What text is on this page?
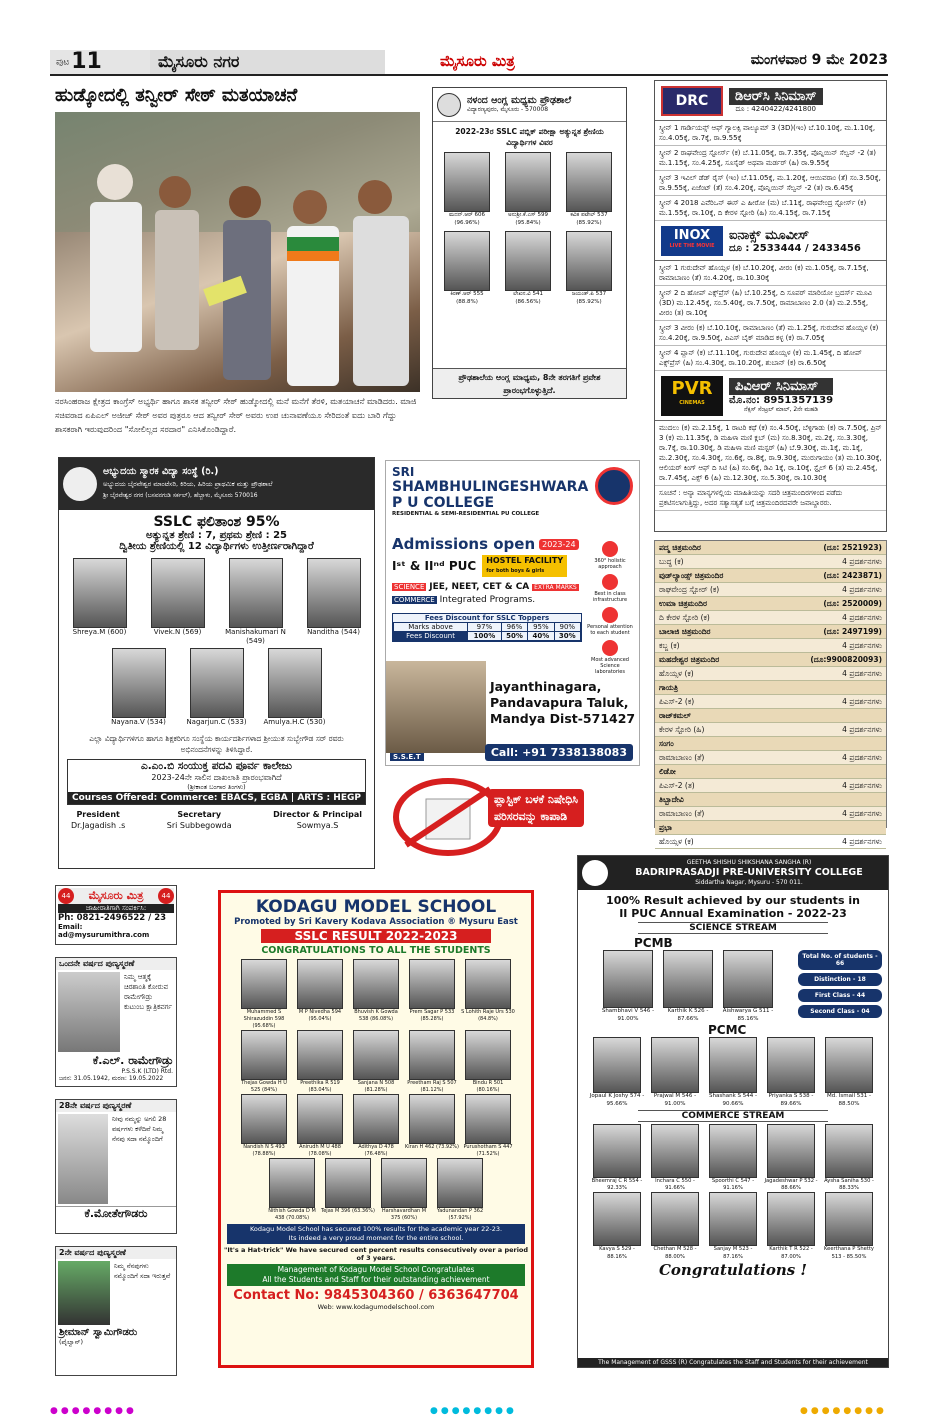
ಪುಟ11	ಮೈಸೂರು ನಗರ	ಮೈಸೂರು ಮಿತ್ರ	ಮಂಗಳವಾರ 9 ಮೇ 2023
ಹುಡ್ಕೋದಲ್ಲಿ ತನ್ವೀರ್ ಸೇಠ್ ಮತಯಾಚನೆ
ನರಸಿಂಹರಾಜ ಕ್ಷೇತ್ರದ ಕಾಂಗ್ರೆಸ್ ಅಭ್ಯರ್ಥಿ ಹಾಗೂ ಶಾಸಕ ತನ್ವೀರ್ ಸೇಠ್ ಹುಡ್ಕೋದಲ್ಲಿ ಮನೆ ಮನೆಗೆ ತೆರಳಿ, ಮತಯಾಚನೆ ಮಾಡಿದರು. ಮಾಜಿ ಸಚಿವರಾದ ಏಪಿಎಲ್ ಅಜೀಜ್ ಸೇಠ್ ಅವರ ಪುತ್ರರೂ ಆದ ತನ್ವೀರ್ ಸೇಠ್ ಅವರು ಉಪ ಚುನಾವಣೆಯೂ ಸೇರಿದಂತೆ ಐದು ಬಾರಿ ಗೆದ್ದು ಶಾಸಕರಾಗಿ ಇರುವುದರಿಂದ "ಸೋಲಿಲ್ಲದ ಸರದಾರ" ಎನಿಸಿಕೊಂಡಿದ್ದಾರೆ.
ನಳಂದ ಆಂಗ್ಲ ಮಧ್ಯಮ ಪ್ರೌಢಶಾಲೆ
ವಿದ್ಯಾರಣ್ಯಪುರಂ, ಮೈಸೂರು - 570008
2022-23ರ SSLC ಪಬ್ಲಿಕ್ ಪರೀಕ್ಷಾ ಅತ್ಯುನ್ನತ ಶ್ರೇಣಿಯ ವಿದ್ಯಾರ್ಥಿಗಳ ವಿವರ
ಮದನ್.ಆರ್ 606 (96.96%)
ಅನುಶ್ರೀ.ಕೆ.ಎಸ್ 599 (95.84%)
ಕವಿತ ಪಟೇಲ್ 537 (85.92%)
ಕಿರಣ್.ಆರ್ 555 (88.8%)
ಲೇಖನ.ವಿ 541 (86.56%)
ಜಯಂತ್.ಪಿ 537 (85.92%)
ಪ್ರೌಢಶಾಲೆಯ ಆಂಗ್ಲ ಮಾಧ್ಯಮ, 8ನೇ ತರಗತಿಗೆ ಪ್ರವೇಶ ಪ್ರಾರಂಭಗೊಳ್ಳುತ್ತಿದೆ.
DRC	ಡಿಆರ್‌ಸಿ ಸಿನಿಮಾಸ್
ದೂ : 4240422/4241800
ಸ್ಕ್ರೀನ್ 1 ಗಾರ್ಡಿಯನ್ಸ್ ಆಫ್ ಗ್ಯಾಲಕ್ಸಿ ವಾಲ್ಯೂಮ್ 3 (3D)(ಇಂ) ಬೆ.10.10ಕ್ಕೆ, ಮ.1.10ಕ್ಕೆ, ಸಂ.4.05ಕ್ಕೆ, ರಾ.7ಕ್ಕೆ, ರಾ.9.55ಕ್ಕೆ
ಸ್ಕ್ರೀನ್ 2 ರಾಘವೇಂದ್ರ ಸ್ಟೋರ್ಸ್ (ಕ) ಬೆ.11.05ಕ್ಕೆ, ರಾ.7.35ಕ್ಕೆ, ಪೊನ್ನಿಯಿನ್ ಸೆಲ್ವನ್ -2 (ತ) ಮ.1.15ಕ್ಕೆ, ಸಂ.4.25ಕ್ಕೆ, ಸೂಸೈಡ್ ಅಥವಾ ಮರ್ಡರ್ (ಹಿ) ರಾ.9.55ಕ್ಕೆ
ಸ್ಕ್ರೀನ್ 3 ಇವಿಲ್ ಡೆಡ್ ರೈಸ್ (ಇಂ) ಬೆ.11.05ಕ್ಕೆ, ಮ.1.20ಕ್ಕೆ, ಆಯಿವರಾಂ (ತೆ) ಸಂ.3.50ಕ್ಕೆ, ರಾ.9.55ಕ್ಕೆ, ಏಜೆಂಟ್ (ತೆ) ಸಂ.4.20ಕ್ಕೆ, ಪೊನ್ನಿಯಿನ್ ಸೆಲ್ವನ್ -2 (ತ) ರಾ.6.45ಕ್ಕೆ
ಸ್ಕ್ರೀನ್ 4 2018 ಎವೆರಿಒನ್ ಈಸ್ ಎ ಹೀರೋ (ಮ) ಬೆ.11ಕ್ಕೆ, ರಾಘವೇಂದ್ರ ಸ್ಟೋರ್ಸ್ (ಕ) ಮ.1.55ಕ್ಕೆ, ರಾ.10ಕ್ಕೆ, ದಿ ಕೇರಳ ಸ್ಟೋರಿ (ಹಿ) ಸಂ.4.15ಕ್ಕೆ, ರಾ.7.15ಕ್ಕೆ
INOX
LIVE THE MOVIE
ಐನಾಕ್ಸ್ ಮೂವೀಸ್
ದೂ : 2533444 / 2433456
ಸ್ಕ್ರೀನ್ 1 ಗುರುದೇವ್ ಹೊಯ್ಸಳ (ಕ) ಬೆ.10.20ಕ್ಕೆ, ವೀರಂ (ಕ) ಮ.1.05ಕ್ಕೆ, ರಾ.7.15ಕ್ಕೆ, ರಾಮಾಬಾಣಂ (ತೆ) ಸಂ.4.20ಕ್ಕೆ, ರಾ.10.30ಕ್ಕೆ
ಸ್ಕ್ರೀನ್ 2 ದಿ ಹೋಪ್ ಎಕ್ಸ್‌ಪ್ರೆಸ್ (ಹಿ) ಬೆ.10.25ಕ್ಕೆ, ದಿ ಸೂಪರ್ ಮಾರಿಯೋ ಬ್ರದರ್ಸ್ ಮೂವಿ (3D) ಮ.12.45ಕ್ಕೆ, ಸಂ.5.40ಕ್ಕೆ, ರಾ.7.50ಕ್ಕೆ, ರಾಮಾಬಾಣಂ 2.0 (ತ) ಮ.2.55ಕ್ಕೆ, ವೀರಂ (ತ) ರಾ.10ಕ್ಕೆ
ಸ್ಕ್ರೀನ್ 3 ವೀರಂ (ಕ) ಬೆ.10.10ಕ್ಕೆ, ರಾಮಾಬಾಣಂ (ತೆ) ಮ.1.25ಕ್ಕೆ, ಗುರುದೇವ ಹೊಯ್ಸಳ (ಕ) ಸಂ.4.20ಕ್ಕೆ, ರಾ.9.50ಕ್ಕೆ, ಪಿಎಸ್ ಬೈಕ್ ಮಾಡಿದ ಕಳ್ಳ (ಕ) ರಾ.7.05ಕ್ಕೆ
ಸ್ಕ್ರೀನ್ 4 ಪ್ಲಾನ್ (ಕ) ಬೆ.11.10ಕ್ಕೆ, ಗುರುದೇವ ಹೊಯ್ಸಳ (ಕ) ಮ.1.45ಕ್ಕೆ, ದಿ ಹೋಪ್ ಎಕ್ಸ್‌ಪ್ರೆಸ್ (ಹಿ) ಸಂ.4.30ಕ್ಕೆ, ರಾ.10.20ಕ್ಕೆ, ಶುಬಾನ್ (ಕ) ರಾ.6.50ಕ್ಕೆ
PVR
CINEMAS
ಪಿವಿಆರ್ ಸಿನಿಮಾಸ್
ಮೊ.ನಂ: 8951357139
ನೆಕ್ಸಸ್ ಸೆಂಟ್ರಲ್ ಮಾಲ್, 2ನೇ ಮಹಡಿ
ಮುದಲು (ಕ) ಮ.2.15ಕ್ಕೆ, 1 ರಾಟರಿ ಕಥೆ (ಕ) ಸಂ.4.50ಕ್ಕೆ, ಬೆಳ್ಳಿಗಾಡು (ಕ) ರಾ.7.50ಕ್ಕೆ, ಪ್ರಿನ್ 3 (ಕ) ಮ.11.35ಕ್ಕೆ, ಡಿ ಮಹಿಳಾ ಮಣಿ ಕ್ಲಬ್ (ಮ) ಸಂ.8.30ಕ್ಕೆ, ಮ.2ಕ್ಕೆ, ಸಂ.3.30ಕ್ಕೆ, ರಾ.7ಕ್ಕೆ, ರಾ.10.30ಕ್ಕೆ, ಡಿ ಮಹಿಳಾ ಮಣಿ ಮಸ್ಟರ್ (ಹಿ) ಬೆ.9.30ಕ್ಕೆ, ಮ.1ಕ್ಕೆ, ಮ.1ಕ್ಕೆ, ಮ.2.30ಕ್ಕೆ, ಸಂ.4.30ಕ್ಕೆ, ಸಂ.6ಕ್ಕೆ, ರಾ.8ಕ್ಕೆ, ರಾ.9.30ಕ್ಕೆ, ಮುರುಗಾಯಂ (ತ) ಮ.10.30ಕ್ಕೆ, ಆಲಿಯರ್ ಕಿಂಗ್ ಆಫ್ ದಿ ಸಿಟಿ (ಹಿ) ಸಂ.6ಕ್ಕೆ, ಡಿವಿ 1ಕ್ಕೆ, ರಾ.10ಕ್ಕೆ, ಸ್ಟೈಲ್ 6 (ತ) ಮ.2.45ಕ್ಕೆ, ರಾ.7.45ಕ್ಕೆ, ಎಕ್ಸ್ 6 (ಹಿ) ಮ.12.30ಕ್ಕೆ, ಸಂ.5.30ಕ್ಕೆ, ರಾ.10.30ಕ್ಕೆ
ಸೂಚನೆ : ಅನ್ಯಾ ಮಾನ್ಯಗಳಲ್ಲಿಯ ಮಾಹಿತಿಯನ್ನು ಸದರಿ ಚಿತ್ರಮಂದಿರಗಳಿಂದ ಪಡೆದು ಪ್ರಕಟಿಸಲಾಗುತ್ತಿದ್ದು, ಅದರ ಸತ್ಯಾಸತ್ಯತೆ ಬಗ್ಗೆ ಚಿತ್ರಮಂದಿರದವರೇ ಜವಾಬ್ದಾರರು.
ಪದ್ಮ ಚಿತ್ರಮಂದಿರ	(ದೂ: 2521923)
ಬುದ್ಧ (ಕ)	4 ಪ್ರದರ್ಶನಗಳು
ವುಡ್‌ಲ್ಯಾಂಡ್ಸ್ ಚಿತ್ರಮಂದಿರ	(ದೂ: 2423871)
ರಾಘವೇಂದ್ರ ಸ್ಟೋರ್ (ಕ)	4 ಪ್ರದರ್ಶನಗಳು
ಉಮಾ ಚಿತ್ರಮಂದಿರ	(ದೂ: 2520009)
ದಿ ಕೇರಳ ಸ್ಟೋರಿ (ಕ)	4 ಪ್ರದರ್ಶನಗಳು
ಬಾಲಾಜಿ ಚಿತ್ರಮಂದಿರ	(ದೂ: 2497199)
ಕಬ್ಜ (ಕ)	4 ಪ್ರದರ್ಶನಗಳು
ಮಹದೇಶ್ವರ ಚಿತ್ರಮಂದಿರ	(ದೂ:9900820093)
ಹೊಯ್ಸಳ (ಕ)	4 ಪ್ರದರ್ಶನಗಳು
ಗಾಯತ್ರಿ
ಪಿಎಸ್-2 (ಕ)	4 ಪ್ರದರ್ಶನಗಳು
ರಾಜ್‌ಕಮಲ್
ಕೇರಳ ಸ್ಟೋರಿ (ಹಿ)	4 ಪ್ರದರ್ಶನಗಳು
ಸಂಗಂ
ರಾಮಾಬಾಣಂ (ತೆ)	4 ಪ್ರದರ್ಶನಗಳು
ಲಿಡೋ
ಪಿಎಸ್-2 (ತ)	4 ಪ್ರದರ್ಶನಗಳು
ತಿಬ್ಬಾದೇವಿ
ರಾಮಾಬಾಣಂ (ತೆ)	4 ಪ್ರದರ್ಶನಗಳು
ಪ್ರಭಾ
ಹೊಯ್ಸಳ (ಕ)	4 ಪ್ರದರ್ಶನಗಳು
ಅಭ್ಯುದಯ ಸ್ಮಾರಕ ವಿದ್ಯಾ ಸಂಸ್ಥೆ (ರಿ.)
ಅಭ್ಯುದಯ ಬೈರವೇಶ್ವರ ಮಾಂಟೆಸರಿ, ಕಿರಿಯ, ಹಿರಿಯ ಪ್ರಾಥಮಿಕ ಮತ್ತು ಪ್ರೌಢಶಾಲೆ
ಶ್ರೀ ಬೈರವೇಶ್ವರ ನಗರ (ಬಸವನಗುಡಿ ಸರ್ಕಲ್), ಹೆಬ್ಬಾಳು, ಮೈಸೂರು 570016
SSLC ಫಲಿತಾಂಶ 95%
ಅತ್ಯುನ್ನತ ಶ್ರೇಣಿ : 7, ಪ್ರಥಮ ಶ್ರೇಣಿ : 25
ದ್ವಿತೀಯ ಶ್ರೇಣಿಯಲ್ಲಿ 12 ವಿದ್ಯಾರ್ಥಿಗಳು ಉತ್ತೀರ್ಣರಾಗಿದ್ದಾರೆ
Shreya.M (600)	Vivek.N (569)	Manishakumari N (549)
Nanditha (544)
Nayana.V (534)	Nagarjun.C (533) Amulya.H.C (530)
ಎಲ್ಲಾ ವಿದ್ಯಾರ್ಥಿಗಳಿಗೂ ಹಾಗೂ ಶಿಕ್ಷಕರಿಗೂ ಸಂಸ್ಥೆಯ ಕಾರ್ಯದರ್ಶಿಗಳಾದ ಶ್ರೀಯುತ ಸುಬ್ಬೇಗೌಡ ಸರ್ ರವರು ಅಭಿನಂದನೆಗಳನ್ನು ತಿಳಿಸಿದ್ದಾರೆ.
ಎ.ಎಂ.ಬಿ ಸಂಯುಕ್ತ ಪದವಿ ಪೂರ್ವ ಕಾಲೇಜು
2023-24ನೇ ಸಾಲಿನ ದಾಖಲಾತಿ ಪ್ರಾರಂಭವಾಗಿದೆ
(ಶ್ರೀಕಾಂತ ಬಂಗಾರ ತಿಂಗಳು)
Courses Offered: Commerce: EBACS, EGBA | ARTS : HEGP
President
Dr.Jagadish .s
Secretary
Sri Subbegowda
Director & Principal
Sowmya.S
SRI
SHAMBHULINGESHWARA
P U COLLEGE
RESIDENTIAL & SEMI-RESIDENTIAL PU COLLEGE
Admissions open 2023-24
Iˢᵗ & IIⁿᵈ PUC	HOSTEL FACILITY
for both boys & girls
SCIENCE JEE, NEET, CET & CA EXTRA MARKS
COMMERCE Integrated Programs.
Fees Discount for SSLC Toppers
Marks above	97%	96%	95%	90%
Fees Discount	100%	50%	40%	30%
360° holistic approach
Best in class infrastructure
Personal attention to each student
Most advanced Science laboratories
S.S.E.T
Jayanthinagara,
Pandavapura Taluk,
Mandya Dist-571427
Call: +91 7338138083
ಪ್ಲಾಸ್ಟಿಕ್ ಬಳಕೆ ನಿಷೇಧಿಸಿ
ಪರಿಸರವನ್ನು ಕಾಪಾಡಿ
44	ಮೈಸೂರು ಮಿತ್ರ	44
ಜಾಹೀರಾತಿಗಾಗಿ ಸಂಪರ್ಕಿಸಿ:
Ph: 0821-2496522 / 23
Email: ad@mysurumithra.com
ಒಂದನೇ ವರ್ಷದ ಪುಣ್ಯಸ್ಮರಣೆ
ನಿಮ್ಮ ಆತ್ಮಕ್ಕೆ ಚಿರಶಾಂತಿ ಕೋರುವ ರಾಮೇಗೌಡ್ರು ಕುಟುಂಬ ಕ್ಷಾತ್ರಿಕವರ್ಗ
ಕೆ.ಎಲ್. ರಾಮೇಗೌಡ್ರು
P.S.S.K (LTD) Rtd.
ಜನನ: 31.05.1942, ಮರಣ: 19.05.2022
28ನೇ ವರ್ಷದ ಪುಣ್ಯಸ್ಮರಣೆ
ನೀವು ನಮ್ಮನ್ನು ಅಗಲಿ 28 ವರ್ಷಗಳು ಕಳೆದಿವೆ ನಿಮ್ಮ ನೆನಪು ಸದಾ ನಮ್ಮೊಂದಿಗೆ
ಕೆ.ಮೋತೇಗೌಡರು
2ನೇ ವರ್ಷದ ಪುಣ್ಯಸ್ಮರಣೆ
ನಿಮ್ಮ ನೆನಪುಗಳು ನಮ್ಮೊಂದಿಗೆ ಸದಾ ಇರುತ್ತವೆ
ಶ್ರೀಮಾನ್ ಸ್ವಾಮಿಗೌಡರು
(ಪೈಲ್ವಾನ್)
KODAGU MODEL SCHOOL
Promoted by Sri Kavery Kodava Association ® Mysuru East
SSLC RESULT 2022-2023
CONGRATULATIONS TO ALL THE STUDENTS
Muhammed S Shirazuddin 598 (95.68%)
M P Nivedha 594 (95.04%)
Bhuvish K Gowda 538 (86.08%)
Prem Sagar P 533 (85.28%)
S Lohith Raje Urs 530 (84.8%)
Thejas Gowda H U 525 (84%)
Preethika R 519 (83.04%)
Sanjana N 508 (81.28%)
Preetham Raj S 507 (81.12%)
Bindu R 501 (80.16%)
Nandish N S 493 (78.88%)
Anirudh M U 488 (78.08%)
Adithya D 478 (76.48%)
Kiran H 462 (73.92%) Purushotham S 447 (71.52%)
Nithish Gowda D M 438 (70.08%)
Tejas M 396 (63.36%)	Harshavardhan M 375 (60%)
Yadunandan P 362 (57.92%)
Kodagu Model School has secured 100% results for the academic year 22-23.
Its indeed a very proud moment for the entire school.
"It's a Hat-trick" We have secured cent percent results consecutively over a period of 3 years.
Management of Kodagu Model School Congratulates
All the Students and Staff for their outstanding achievement
Contact No: 9845304360 / 6363647704
Web: www.kodagumodelschool.com
GEETHA SHISHU SHIKSHANA SANGHA (R)
BADRIPRASADJI PRE-UNIVERSITY COLLEGE
Siddartha Nagar, Mysuru - 570 011.
100% Result achieved by our students in
II PUC Annual Examination - 2022-23
SCIENCE STREAM
PCMB
Shambhavi V 546 - 91.00%
Karthik K 526 - 87.66%
Aishwarya G 511 - 85.16%
Total No. of students - 66
Distinction - 18
First Class - 44
Second Class - 04
PCMC
Jopaul K Joshy 574 - 95.66%
Prajwal M 546 - 91.00%
Shashank S 544 - 90.66%
Priyanka S 538 - 89.66%
Md. Ismail 531 - 88.50%
COMMERCE STREAM
Bheemraj C R 554 - 92.33%
Inchara C 550 - 91.66%
Spoorthi C 547 - 91.16%
Jagadeshwar P 532 - 88.66%
Aysha Saniha 530 - 88.33%
Kavya S 529 - 88.16%
Chethan M 528 - 88.00%
Sanjay M 523 - 87.16%
Karthik T R 522 - 87.00%
Keerthana P Shetty 513 - 85.50%
Congratulations !
The Management of GSSS (R) Congratulates the Staff and Students for their achievement
●●●●●●●●	●●●●●●●●	●●●●●●●●
